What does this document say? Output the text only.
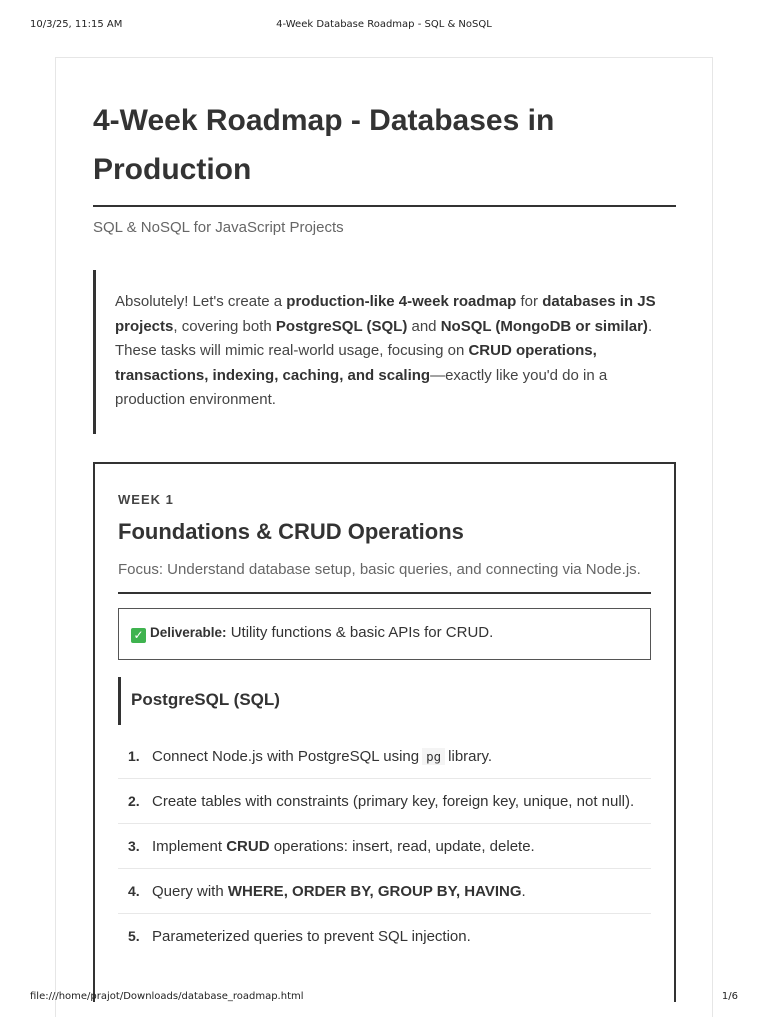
10/3/25, 11:15 AM	4-Week Database Roadmap - SQL & NoSQL
4-Week Roadmap - Databases in Production
SQL & NoSQL for JavaScript Projects
Absolutely! Let's create a production-like 4-week roadmap for databases in JS projects, covering both PostgreSQL (SQL) and NoSQL (MongoDB or similar). These tasks will mimic real-world usage, focusing on CRUD operations, transactions, indexing, caching, and scaling—exactly like you'd do in a production environment.
WEEK 1
Foundations & CRUD Operations
Focus: Understand database setup, basic queries, and connecting via Node.js.
✓ Deliverable: Utility functions & basic APIs for CRUD.
PostgreSQL (SQL)
1. Connect Node.js with PostgreSQL using pg library.
2. Create tables with constraints (primary key, foreign key, unique, not null).
3. Implement CRUD operations: insert, read, update, delete.
4. Query with WHERE, ORDER BY, GROUP BY, HAVING.
5. Parameterized queries to prevent SQL injection.
file:///home/prajot/Downloads/database_roadmap.html	1/6
